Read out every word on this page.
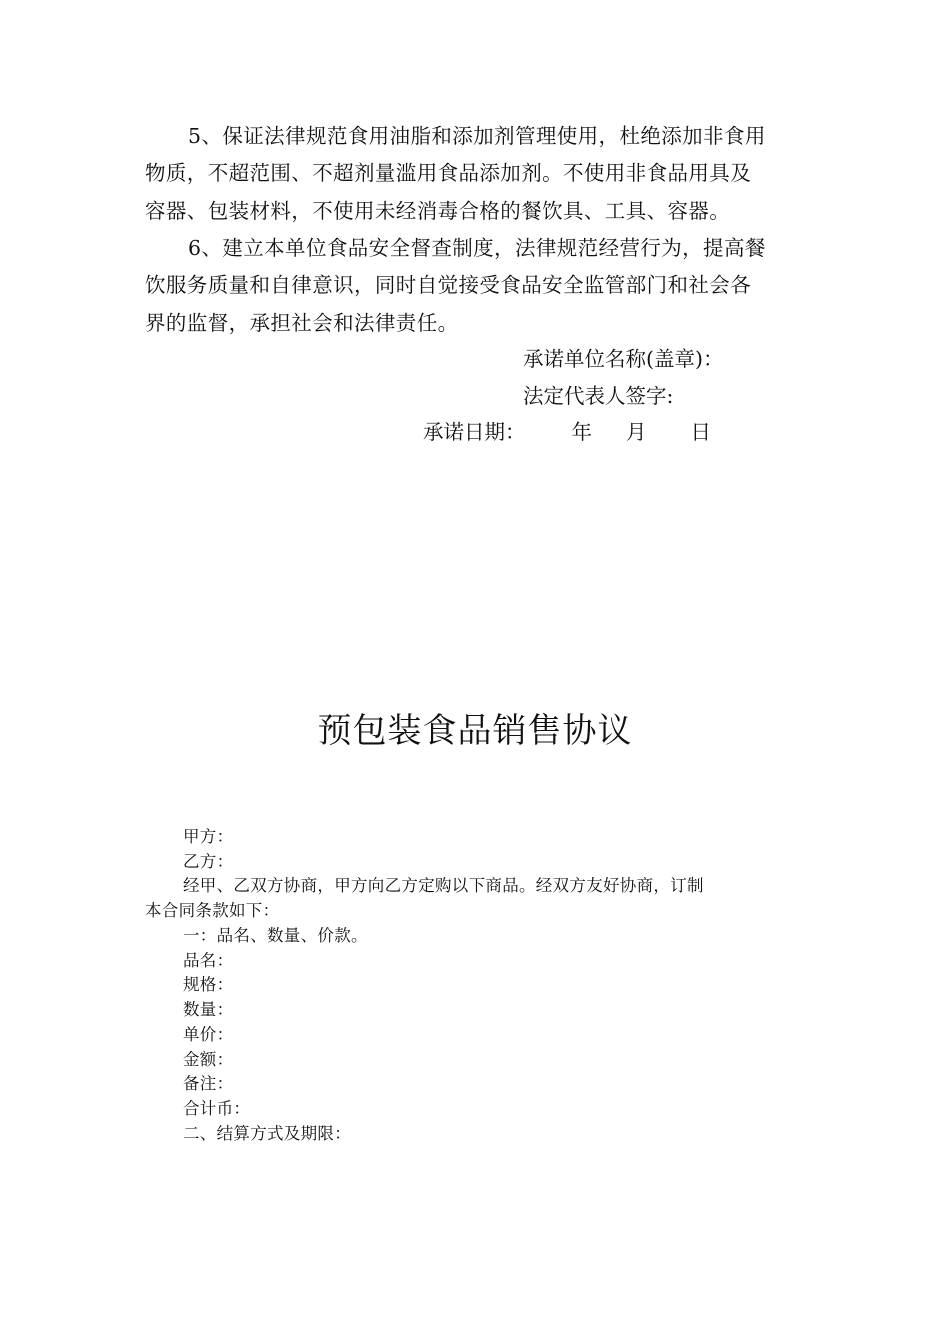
5、保证法律规范食用油脂和添加剂管理使用，杜绝添加非食用
物质，不超范围、不超剂量滥用食品添加剂。不使用非食品用具及
容器、包装材料，不使用未经消毒合格的餐饮具、工具、容器。
6、建立本单位食品安全督查制度，法律规范经营行为，提高餐
饮服务质量和自律意识，同时自觉接受食品安全监管部门和社会各
界的监督，承担社会和法律责任。
承诺单位名称(盖章)：
法定代表人签字:
承诺日期： 年 月 日
预包装食品销售协议
甲方：
乙方：
经甲、乙双方协商，甲方向乙方定购以下商品。经双方友好协商，订制
本合同条款如下：
一：品名、数量、价款。
品名：
规格：
数量：
单价：
金额：
备注：
合计币：
二、结算方式及期限：
